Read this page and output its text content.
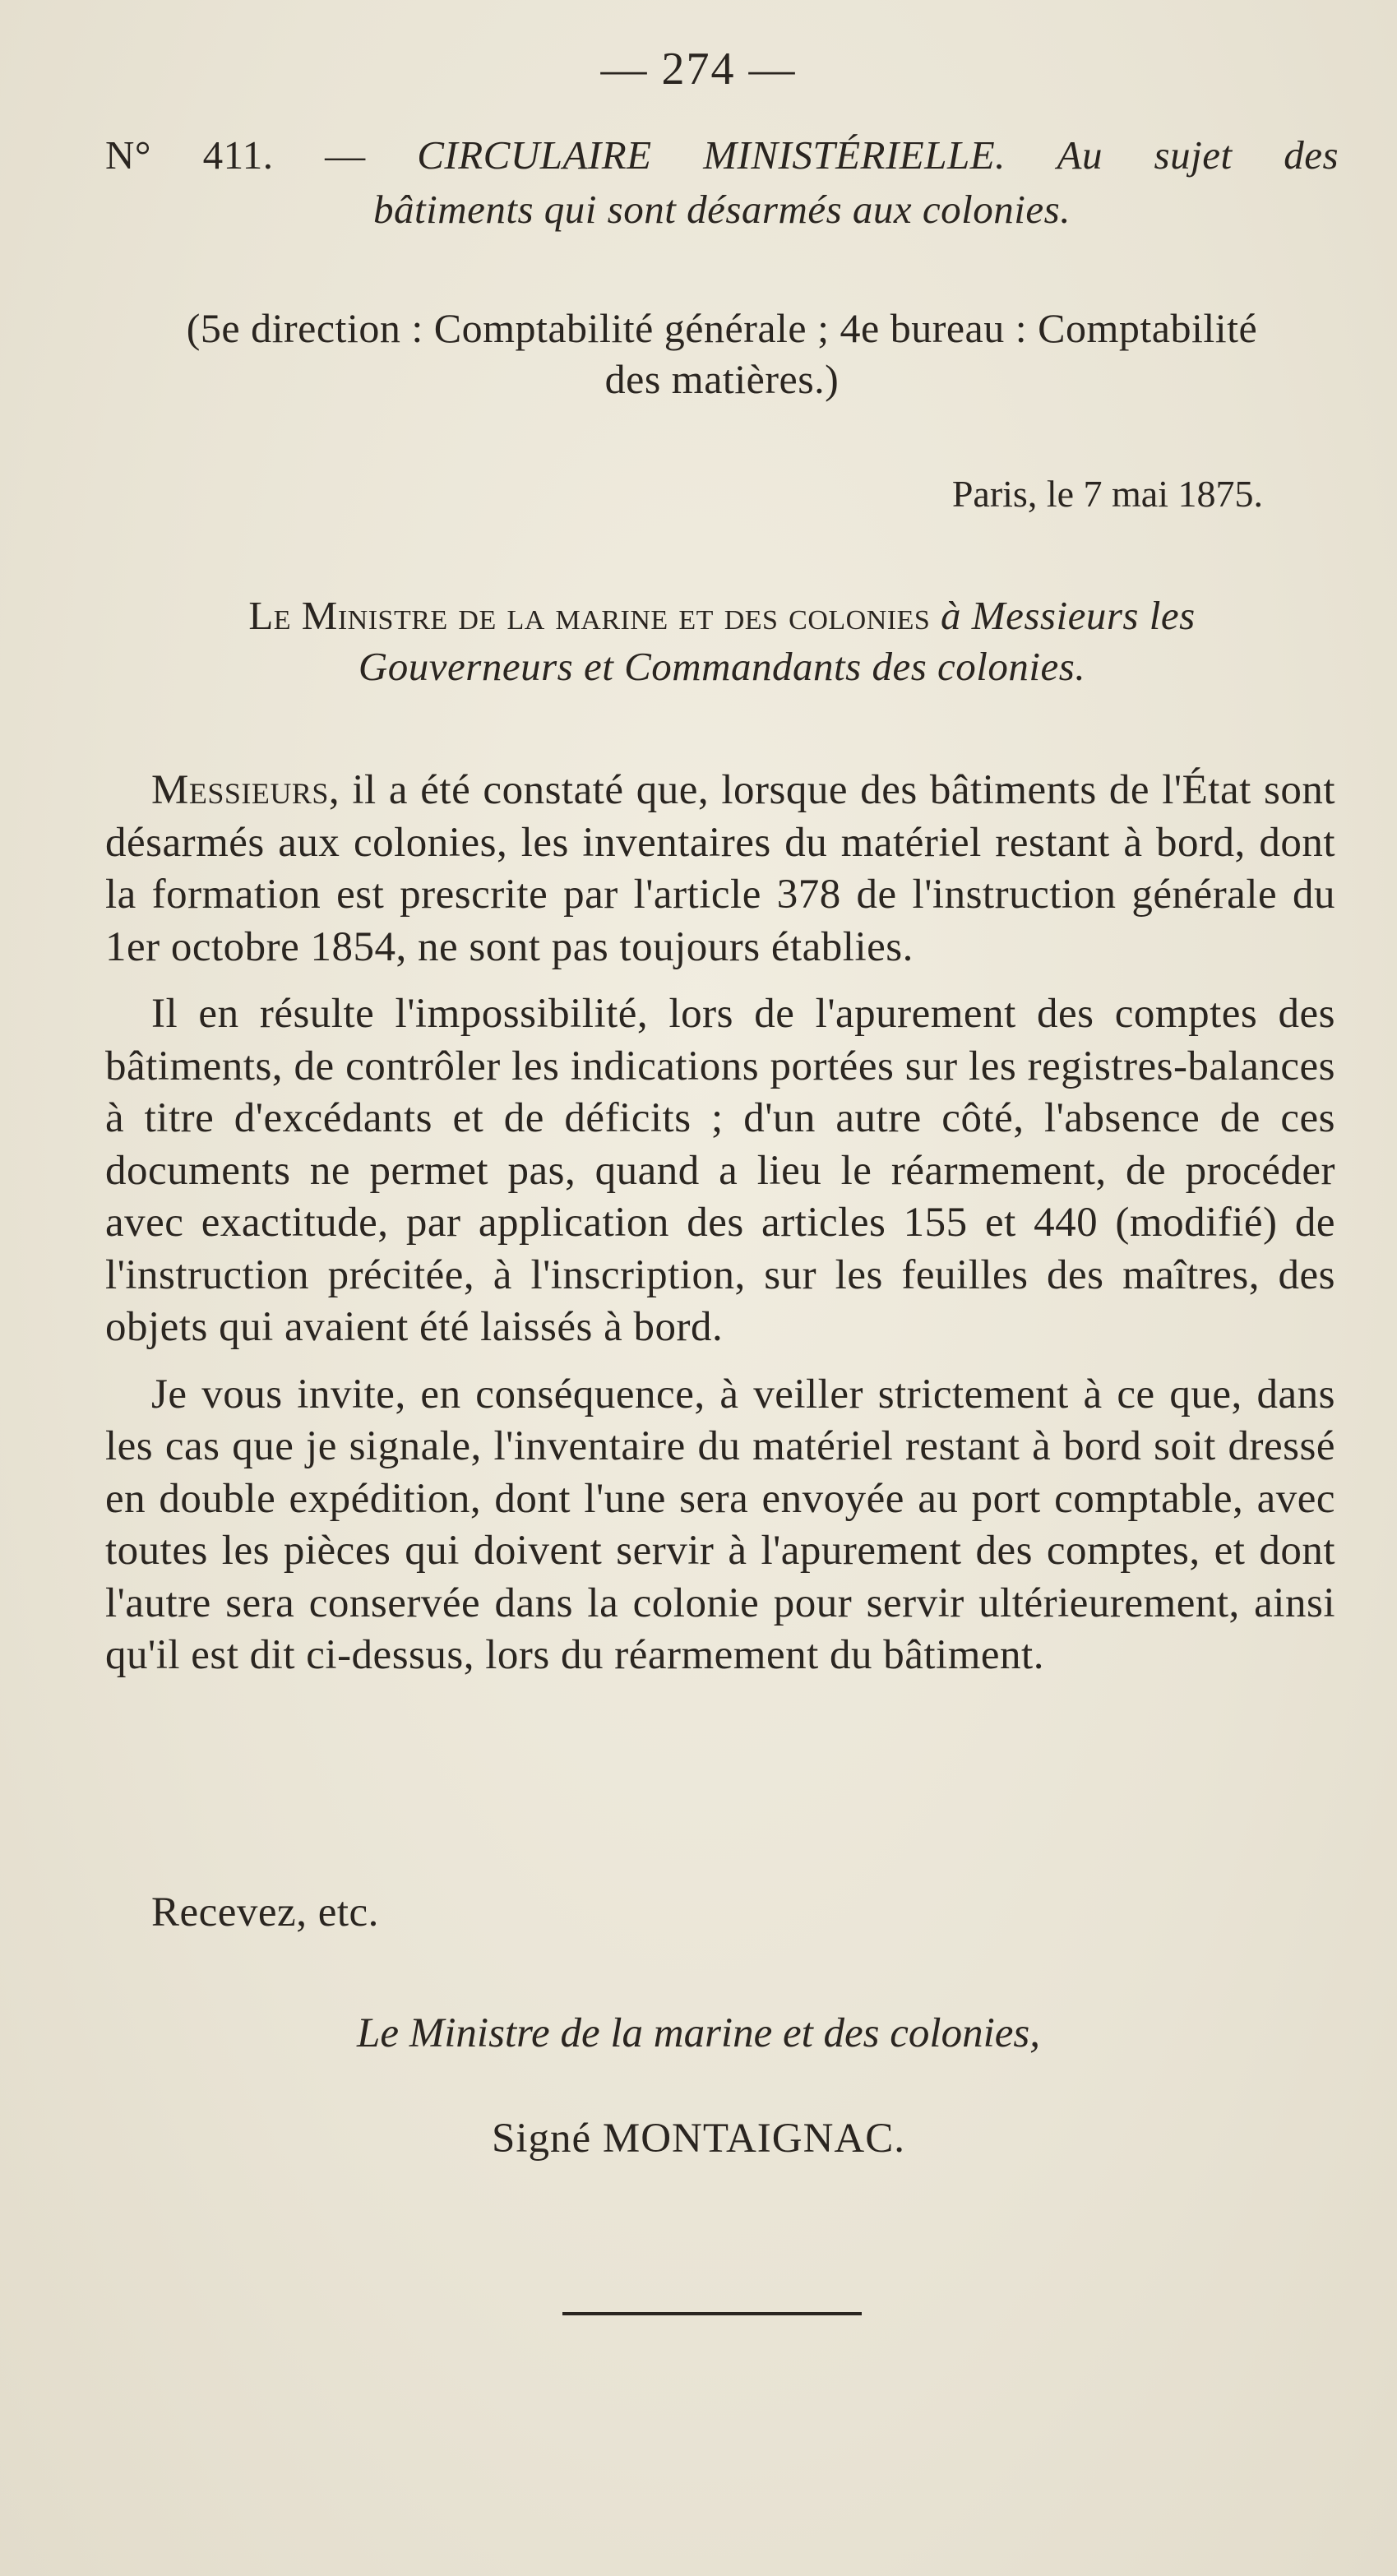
— 274 —
N° 411. — CIRCULAIRE MINISTÉRIELLE. Au sujet des
bâtiments qui sont désarmés aux colonies.
(5e direction : Comptabilité générale ; 4e bureau : Comptabilité
des matières.)
Paris, le 7 mai 1875.
Le Ministre de la marine et des colonies à Messieurs les
Gouverneurs et Commandants des colonies.

Messieurs, il a été constaté que, lorsque des bâtiments de l'État sont désarmés aux colonies, les inventaires du matériel restant à bord, dont la formation est prescrite par l'article 378 de l'instruction générale du 1er octobre 1854, ne sont pas toujours établies.

Il en résulte l'impossibilité, lors de l'apurement des comptes des bâtiments, de contrôler les indications portées sur les registres-balances à titre d'excédants et de déficits ; d'un autre côté, l'absence de ces documents ne permet pas, quand a lieu le réarmement, de procéder avec exactitude, par application des articles 155 et 440 (modifié) de l'instruction précitée, à l'inscription, sur les feuilles des maîtres, des objets qui avaient été laissés à bord.

Je vous invite, en conséquence, à veiller strictement à ce que, dans les cas que je signale, l'inventaire du matériel restant à bord soit dressé en double expédition, dont l'une sera envoyée au port comptable, avec toutes les pièces qui doivent servir à l'apurement des comptes, et dont l'autre sera conservée dans la colonie pour servir ultérieurement, ainsi qu'il est dit ci-dessus, lors du réarmement du bâtiment.

Recevez, etc.
Le Ministre de la marine et des colonies,
Signé MONTAIGNAC.
